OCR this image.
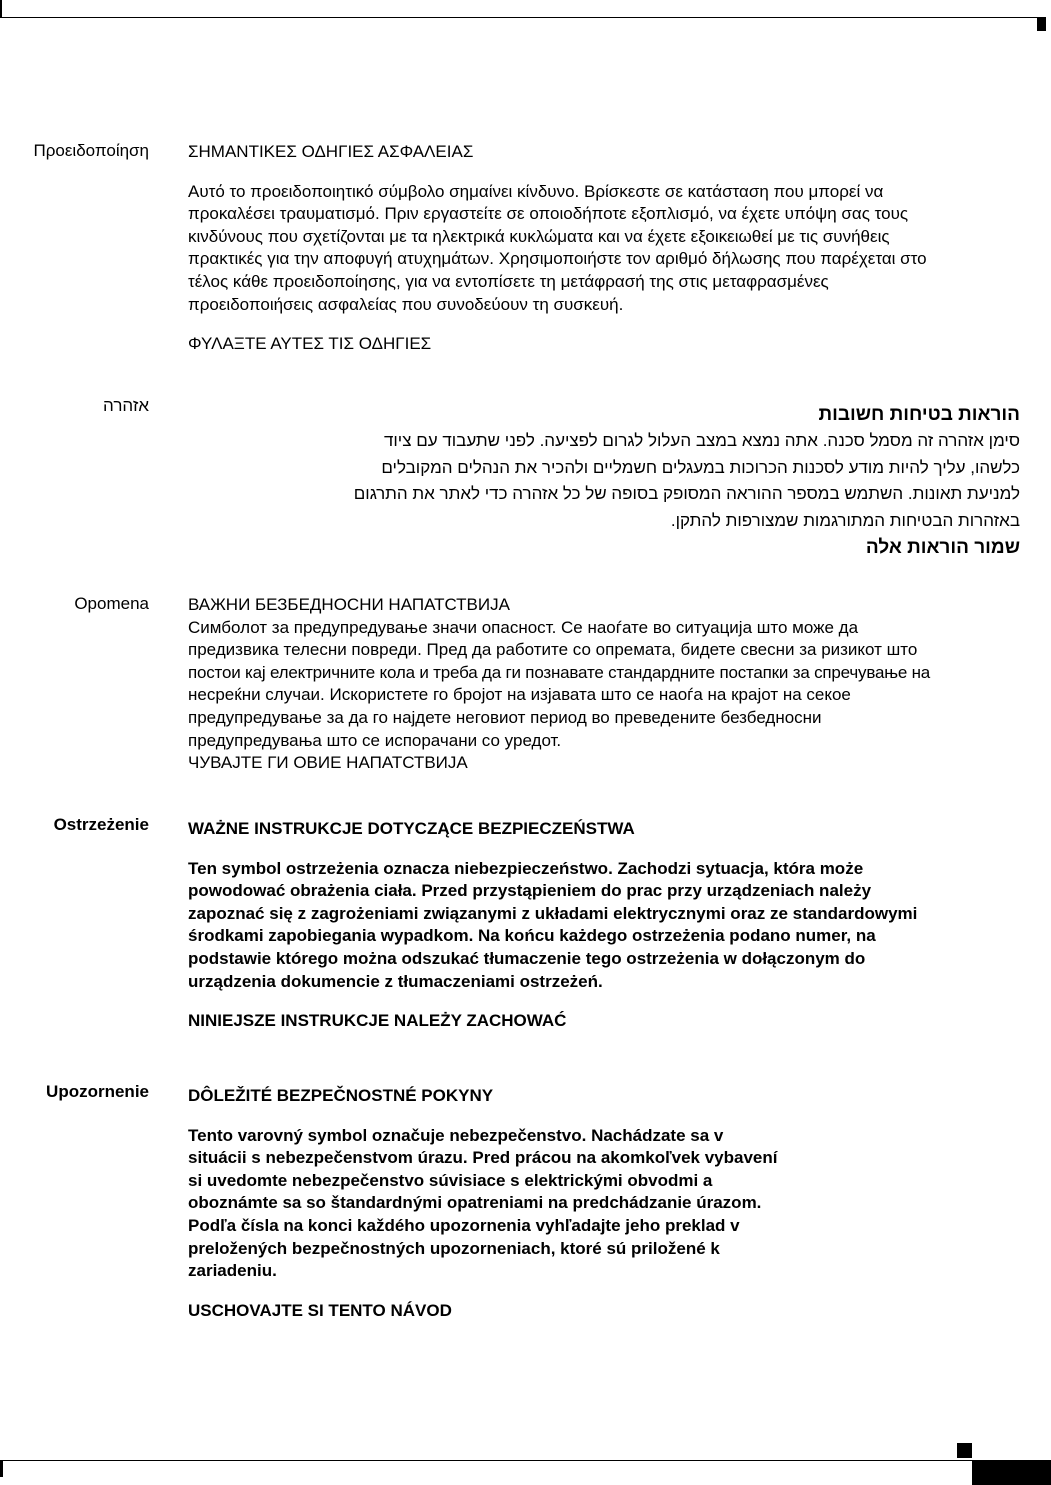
Προειδοποίηση ΣΗΜΑΝΤΙΚΕΣ ΟΔΗΓΙΕΣ ΑΣΦΑΛΕΙΑΣ

Αυτό το προειδοποιητικό σύμβολο σημαίνει κίνδυνο. Βρίσκεστε σε κατάσταση που μπορεί να

προκαλέσει τραυματισμό. Πριν εργαστείτε σε οποιοδήποτε εξοπλισμό, να έχετε υπόψη σας τους

κινδύνους που σχετίζονται με τα ηλεκτρικά κυκλώματα και να έχετε εξοικειωθεί με τις συνήθεις

πρακτικές για την αποφυγή ατυχημάτων. Χρησιμοποιήστε τον αριθμό δήλωσης που παρέχεται στο

τέλος κάθε προειδοποίησης, για να εντοπίσετε τη μετάφρασή της στις μεταφρασμένες

προειδοποιήσεις ασφαλείας που συνοδεύουν τη συσκευή.

ΦΥΛΑΞΤΕ ΑΥΤΕΣ ΤΙΣ ΟΔΗΓΙΕΣ

אזהרה	הוראות בטיחות חשובות

סימן אזהרה זה מסמל סכנה. אתה נמצא במצב העלול לגרום לפציעה. לפני שתעבוד עם ציוד

כלשהו, עליך להיות מודע לסכנות הכרוכות במעגלים חשמליים ולהכיר את הנהלים המקובלים

למניעת תאונות. השתמש במספר ההוראה המסופק בסופה של כל אזהרה כדי לאתר את התרגום

באזהרות הבטיחות המתורגמות שמצורפות להתקן.

שמור הוראות אלה

Opomena ВАЖНИ БЕЗБЕДНОСНИ НАПАТСТВИЈА

Симболот за предупредување значи опасност. Се наоѓате во ситуација што може да

предизвика телесни повреди. Пред да работите со опремата, бидете свесни за ризикот што

постои кај електричните кола и треба да ги познавате стандардните постапки за спречување на

несреќни случаи. Искористете го бројот на изјавата што се наоѓа на крајот на секое

предупредување за да го најдете неговиот период во преведените безбедносни

предупредувања што се испорачани со уредот.

ЧУВАЈТЕ ГИ ОВИЕ НАПАТСТВИЈА

Ostrzeżenie WAŻNE INSTRUKCJE DOTYCZĄCE BEZPIECZEŃSTWA

Ten symbol ostrzeżenia oznacza niebezpieczeństwo. Zachodzi sytuacja, która może

powodować obrażenia ciała. Przed przystąpieniem do prac przy urządzeniach należy

zapoznać się z zagrożeniami związanymi z układami elektrycznymi oraz ze standardowymi

środkami zapobiegania wypadkom. Na końcu każdego ostrzeżenia podano numer, na

podstawie którego można odszukać tłumaczenie tego ostrzeżenia w dołączonym do

urządzenia dokumencie z tłumaczeniami ostrzeżeń.

NINIEJSZE INSTRUKCJE NALEŻY ZACHOWAĆ

Upozornenie DÔLEŽITÉ BEZPEČNOSTNÉ POKYNY

Tento varovný symbol označuje nebezpečenstvo. Nachádzate sa v

situácii s nebezpečenstvom úrazu. Pred prácou na akomkoľvek vybavení

si uvedomte nebezpečenstvo súvisiace s elektrickými obvodmi a

oboznámte sa so štandardnými opatreniami na predchádzanie úrazom.

Podľa čísla na konci každého upozornenia vyhľadajte jeho preklad v

preložených bezpečnostných upozorneniach, ktoré sú priložené k

zariadeniu.

USCHOVAJTE SI TENTO NÁVOD
